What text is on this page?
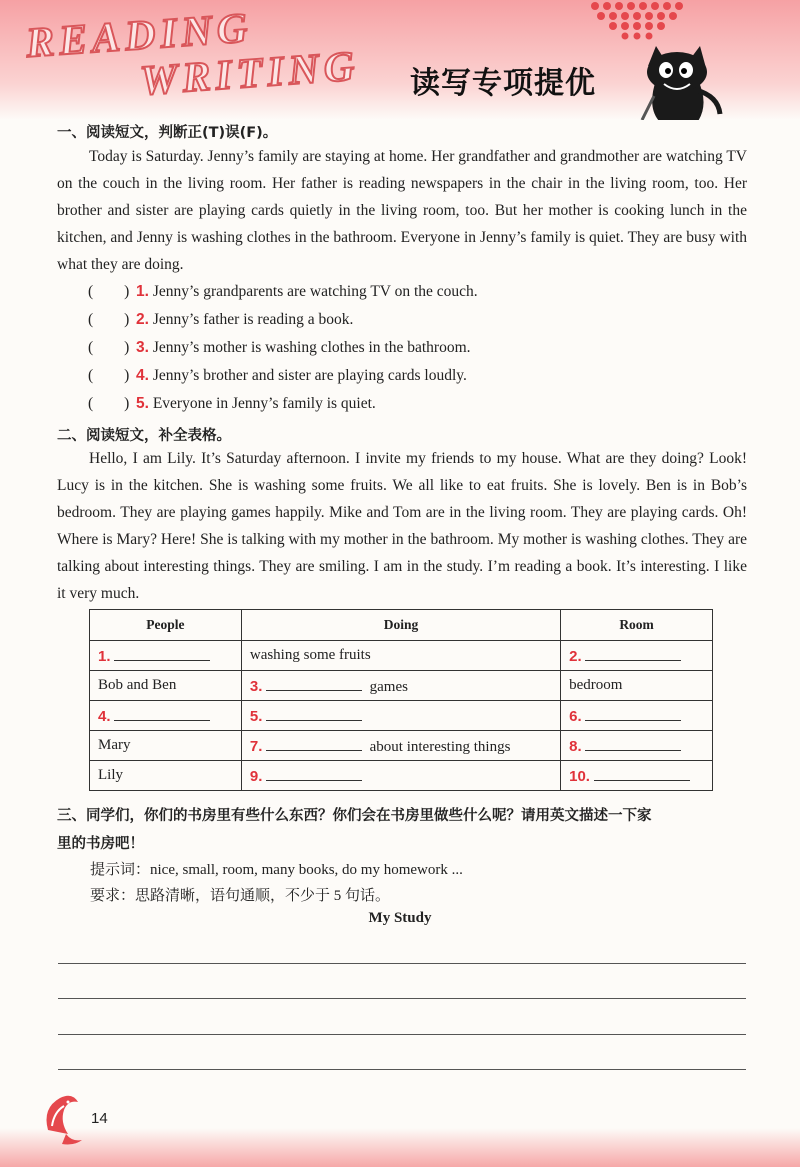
READING
WRITING 读写专项提优
一、阅读短文，判断正(T)误(F)。
Today is Saturday. Jenny’s family are staying at home. Her grandfather and grandmother are watching TV on the couch in the living room. Her father is reading newspapers in the chair in the living room, too. Her brother and sister are playing cards quietly in the living room, too. But her mother is cooking lunch in the kitchen, and Jenny is washing clothes in the bathroom. Everyone in Jenny’s family is quiet. They are busy with what they are doing.
(        ) 1. Jenny’s grandparents are watching TV on the couch.
(        ) 2. Jenny’s father is reading a book.
(        ) 3. Jenny’s mother is washing clothes in the bathroom.
(        ) 4. Jenny’s brother and sister are playing cards loudly.
(        ) 5. Everyone in Jenny’s family is quiet.
二、阅读短文，补全表格。
Hello, I am Lily. It’s Saturday afternoon. I invite my friends to my house. What are they doing? Look! Lucy is in the kitchen. She is washing some fruits. We all like to eat fruits. She is lovely. Ben is in Bob’s bedroom. They are playing games happily. Mike and Tom are in the living room. They are playing cards. Oh! Where is Mary? Here! She is talking with my mother in the bathroom. My mother is washing clothes. They are talking about interesting things. They are smiling. I am in the study. I’m reading a book. It’s interesting. I like it very much.
People	Doing	Room
1.	washing some fruits	2.
Bob and Ben	3. games	bedroom
4.	5.	6.
Mary	7. about interesting things	8.
Lily	9.	10.
三、同学们，你们的书房里有些什么东西？你们会在书房里做些什么呢？请用英文描述一下家
里的书房吧！
提示词：nice, small, room, many books, do my homework ...
要求：思路清晰，语句通顺，不少于 5 句话。
My Study
14
